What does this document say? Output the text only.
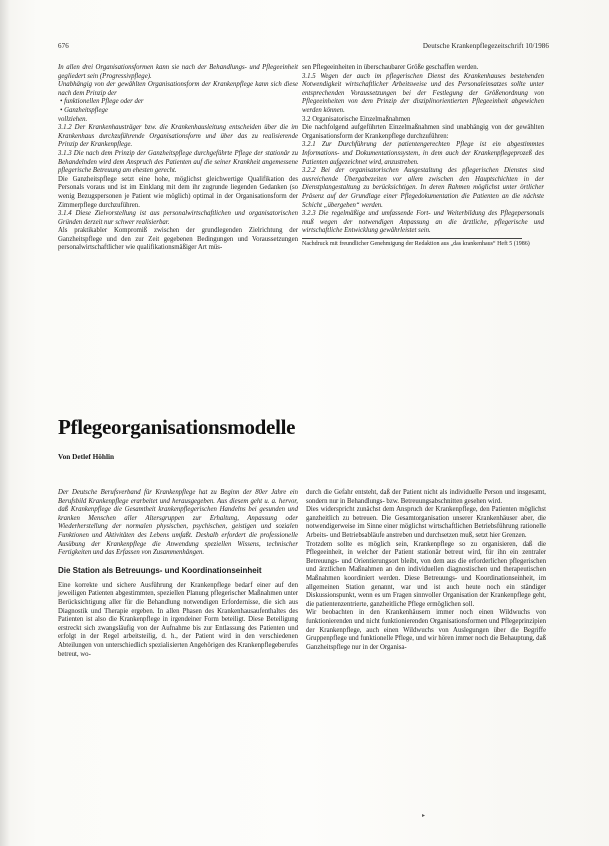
676	Deutsche Krankenpflegezeitschrift 10/1986

In allen drei Organisationsformen kann sie nach der Behandlungs- und Pflegeeinheit gegliedert sein (Progressivpflege).

Unabhängig von der gewählten Organisationsform der Krankenpflege kann sich diese nach dem Prinzip der

• funktionellen Pflege oder der

• Ganzheitspflege

vollziehen.

3.1.2 Der Krankenhausträger bzw. die Krankenhausleitung entscheiden über die im Krankenhaus durchzuführende Organisationsform und über das zu realisierende Prinzip der Krankenpflege.

3.1.3 Die nach dem Prinzip der Ganzheitspflege durchgeführte Pflege der stationär zu Behandelnden wird dem Anspruch des Patienten auf die seiner Krankheit angemessene pflegerische Betreuung am ehesten gerecht.

Die Ganzheitspflege setzt eine hohe, möglichst gleichwertige Qualifikation des Personals voraus und ist im Einklang mit dem ihr zugrunde liegenden Gedanken (so wenig Bezugspersonen je Patient wie möglich) optimal in der Organisationsform der Zimmerpflege durchzuführen.

3.1.4 Diese Zielvorstellung ist aus personalwirtschaftlichen und organisatorischen Gründen derzeit nur schwer realisierbar.

Als praktikabler Kompromiß zwischen der grundlegenden Zielrichtung der Ganzheitspflege und den zur Zeit gegebenen Bedingungen und Voraussetzungen personalwirtschaftlicher wie qualifikationsmäßiger Art müs-

sen Pflegeeinheiten in überschaubarer Größe geschaffen werden.

3.1.5 Wegen der auch im pflegerischen Dienst des Krankenhauses bestehenden Notwendigkeit wirtschaftlicher Arbeitsweise und des Personaleinsatzes sollte unter entsprechenden Voraussetzungen bei der Festlegung der Größenordnung von Pflegeeinheiten von dem Prinzip der disziplinorientierten Pflegeeinheit abgewichen werden können.

3.2 Organisatorische Einzelmaßnahmen

Die nachfolgend aufgeführten Einzelmaßnahmen sind unabhängig von der gewählten Organisationsform der Krankenpflege durchzuführen:

3.2.1 Zur Durchführung der patientengerechten Pflege ist ein abgestimmtes Informations- und Dokumentationssystem, in dem auch der Krankenpflegeprozeß des Patienten aufgezeichnet wird, anzustreben.

3.2.2 Bei der organisatorischen Ausgestaltung des pflegerischen Dienstes sind ausreichende Übergabezeiten vor allem zwischen den Hauptschichten in der Dienstplangestaltung zu berücksichtigen. In deren Rahmen möglichst unter örtlicher Präsenz auf der Grundlage einer Pflegedokumentation die Patienten an die nächste Schicht „übergeben“ werden.

3.2.3 Die regelmäßige und umfassende Fort- und Weiterbildung des Pflegepersonals muß wegen der notwendigen Anpassung an die ärztliche, pflegerische und wirtschaftliche Entwicklung gewährleistet sein.

Nachdruck mit freundlicher Genehmigung der Redaktion aus „das krankenhaus“ Heft 5 (1986)

Pflegeorganisationsmodelle
Von Detlef Höhlin

Der Deutsche Berufsverband für Krankenpflege hat zu Beginn der 80er Jahre ein Berufsbild Krankenpflege erarbeitet und herausgegeben. Aus diesem geht u. a. hervor, daß Krankenpflege die Gesamtheit krankenpflegerischen Handelns bei gesunden und kranken Menschen aller Altersgruppen zur Erhaltung, Anpassung oder Wiederherstellung der normalen physischen, psychischen, geistigen und sozialen Funktionen und Aktivitäten des Lebens umfaßt. Deshalb erfordert die professionelle Ausübung der Krankenpflege die Anwendung speziellen Wissens, technischer Fertigkeiten und das Erfassen von Zusammenhängen.

Die Station als Betreuungs- und Koordinationseinheit

Eine korrekte und sichere Ausführung der Krankenpflege bedarf einer auf den jeweiligen Patienten abgestimmten, speziellen Planung pflegerischer Maßnahmen unter Berücksichtigung aller für die Behandlung notwendigen Erfordernisse, die sich aus Diagnostik und Therapie ergeben. In allen Phasen des Krankenhausaufenthaltes des Patienten ist also die Krankenpflege in irgendeiner Form beteiligt. Diese Beteiligung erstreckt sich zwangsläufig von der Aufnahme bis zur Entlassung des Patienten und erfolgt in der Regel arbeitsteilig, d. h., der Patient wird in den verschiedenen Abteilungen von unterschiedlich spezialisierten Angehörigen des Krankenpflegeberufes betreut, wo-

durch die Gefahr entsteht, daß der Patient nicht als individuelle Person und insgesamt, sondern nur in Behandlungs- bzw. Betreuungsabschnitten gesehen wird.

Dies widerspricht zunächst dem Anspruch der Krankenpflege, den Patienten möglichst ganzheitlich zu betreuen. Die Gesamtorganisation unserer Krankenhäuser aber, die notwendigerweise im Sinne einer möglichst wirtschaftlichen Betriebsführung rationelle Arbeits- und Betriebsabläufe anstreben und durchsetzen muß, setzt hier Grenzen.

Trotzdem sollte es möglich sein, Krankenpflege so zu organisieren, daß die Pflegeeinheit, in welcher der Patient stationär betreut wird, für ihn ein zentraler Betreuungs- und Orientierungsort bleibt, von dem aus die erforderlichen pflegerischen und ärztlichen Maßnahmen an den individuellen diagnostischen und therapeutischen Maßnahmen koordiniert werden. Diese Betreuungs- und Koordinationseinheit, im allgemeinen Station genannt, war und ist auch heute noch ein ständiger Diskussionspunkt, wenn es um Fragen sinnvoller Organisation der Krankenpflege geht, die patientenzentrierte, ganzheitliche Pflege ermöglichen soll.

Wir beobachten in den Krankenhäusern immer noch einen Wildwuchs von funktionierenden und nicht funktionierenden Organisationsformen und Pflegeprinzipien der Krankenpflege, auch einen Wildwuchs von Auslegungen über die Begriffe Gruppenpflege und funktionelle Pflege, und wir hören immer noch die Behauptung, daß Ganzheitspflege nur in der Organisa-

▸
